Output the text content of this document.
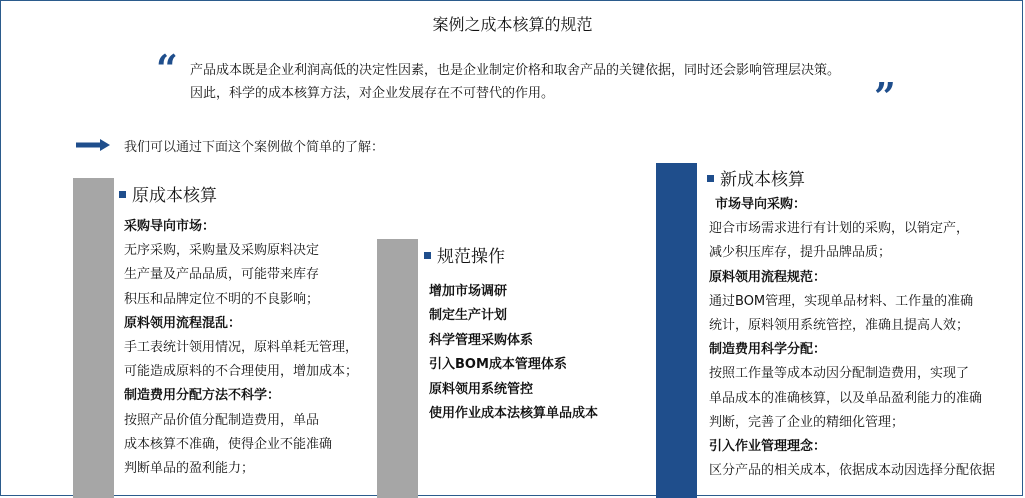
案例之成本核算的规范
“ 产品成本既是企业利润高低的决定性因素，也是企业制定价格和取舍产品的关键依据，同时还会影响管理层决策。
因此，科学的成本核算方法，对企业发展存在不可替代的作用。	”
我们可以通过下面这个案例做个简单的了解：
原成本核算
采购导向市场：
无序采购，采购量及采购原料决定
生产量及产品品质，可能带来库存
积压和品牌定位不明的不良影响；
原料领用流程混乱：
手工表统计领用情况，原料单耗无管理，
可能造成原料的不合理使用，增加成本；
制造费用分配方法不科学：
按照产品价值分配制造费用，单品
成本核算不准确，使得企业不能准确
判断单品的盈利能力；
规范操作
增加市场调研
制定生产计划
科学管理采购体系
引入BOM成本管理体系
原料领用系统管控
使用作业成本法核算单品成本
新成本核算
市场导向采购：
迎合市场需求进行有计划的采购，以销定产，
减少积压库存，提升品牌品质；
原料领用流程规范：
通过BOM管理，实现单品材料、工作量的准确
统计，原料领用系统管控，准确且提高人效；
制造费用科学分配：
按照工作量等成本动因分配制造费用，实现了
单品成本的准确核算，以及单品盈利能力的准确
判断，完善了企业的精细化管理；
引入作业管理理念：
区分产品的相关成本，依据成本动因选择分配依据
